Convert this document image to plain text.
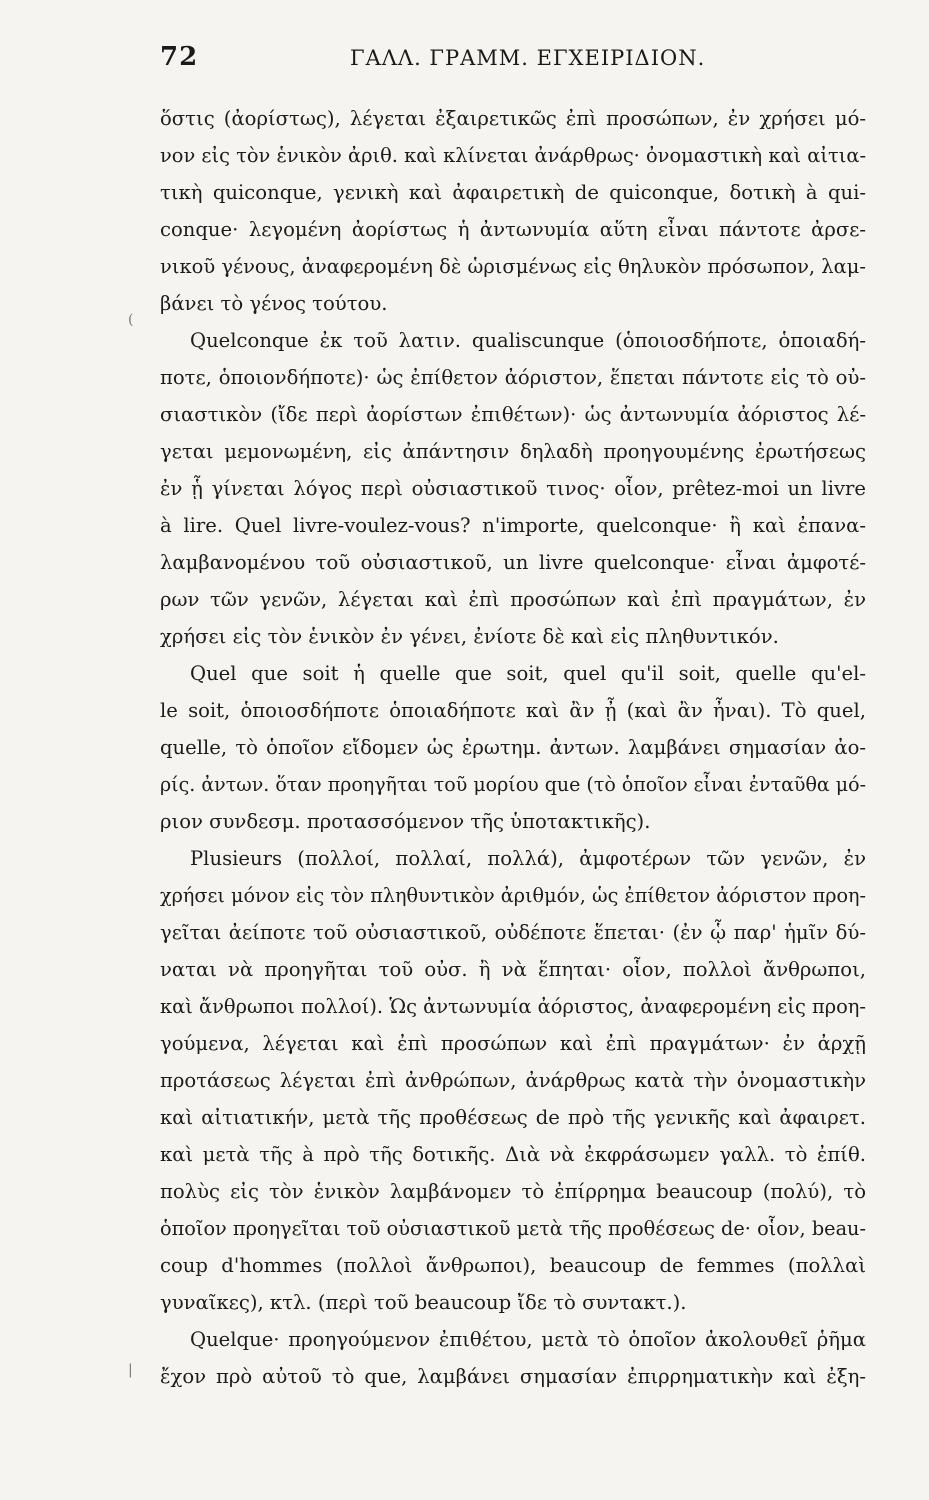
72	ΓΑΛΛ. ΓΡΑΜΜ. ΕΓΧΕΙΡΙΔΙΟΝ.
ὅστις (ἀορίστως), λέγεται ἐξαιρετικῶς ἐπὶ προσώπων, ἐν χρήσει μό-
νον εἰς τὸν ἑνικὸν ἀριθ. καὶ κλίνεται ἀνάρθρως· ὀνομαστικὴ καὶ αἰτια-
τικὴ quiconque, γενικὴ καὶ ἀφαιρετικὴ de quiconque, δοτικὴ à qui-
conque· λεγομένη ἀορίστως ἡ ἀντωνυμία αὕτη εἶναι πάντοτε ἀρσε-
νικοῦ γένους, ἀναφερομένη δὲ ὡρισμένως εἰς θηλυκὸν πρόσωπον, λαμ-
βάνει τὸ γένος τούτου.
Quelconque ἐκ τοῦ λατιν. qualiscunque (ὁποιοσδήποτε, ὁποιαδή-
ποτε, ὁποιονδήποτε)· ὡς ἐπίθετον ἀόριστον, ἕπεται πάντοτε εἰς τὸ οὐ-
σιαστικὸν (ἴδε περὶ ἀορίστων ἐπιθέτων)· ὡς ἀντωνυμία ἀόριστος λέ-
γεται μεμονωμένη, εἰς ἀπάντησιν δηλαδὴ προηγουμένης ἐρωτήσεως
ἐν ᾗ γίνεται λόγος περὶ οὐσιαστικοῦ τινος· οἷον, prêtez-moi un livre
à lire. Quel livre-voulez-vous? n'importe, quelconque· ἢ καὶ ἐπανα-
λαμβανομένου τοῦ οὐσιαστικοῦ, un livre quelconque· εἶναι ἀμφοτέ-
ρων τῶν γενῶν, λέγεται καὶ ἐπὶ προσώπων καὶ ἐπὶ πραγμάτων, ἐν
χρήσει εἰς τὸν ἑνικὸν ἐν γένει, ἐνίοτε δὲ καὶ εἰς πληθυντικόν.
Quel que soit ἡ quelle que soit, quel qu'il soit, quelle qu'el-
le soit, ὁποιοσδήποτε ὁποιαδήποτε καὶ ἂν ᾖ (καὶ ἂν ἦναι). Τὸ quel,
quelle, τὸ ὁποῖον εἴδομεν ὡς ἐρωτημ. ἀντων. λαμβάνει σημασίαν ἀο-
ρίς. ἀντων. ὅταν προηγῆται τοῦ μορίου que (τὸ ὁποῖον εἶναι ἐνταῦθα μό-
ριον συνδεσμ. προτασσόμενον τῆς ὑποτακτικῆς).
Plusieurs (πολλοί, πολλαί, πολλά), ἀμφοτέρων τῶν γενῶν, ἐν
χρήσει μόνον εἰς τὸν πληθυντικὸν ἀριθμόν, ὡς ἐπίθετον ἀόριστον προη-
γεῖται ἀείποτε τοῦ οὐσιαστικοῦ, οὐδέποτε ἕπεται· (ἐν ᾧ παρ' ἡμῖν δύ-
ναται νὰ προηγῆται τοῦ οὐσ. ἢ νὰ ἕπηται· οἷον, πολλοὶ ἄνθρωποι,
καὶ ἄνθρωποι πολλοί). Ὡς ἀντωνυμία ἀόριστος, ἀναφερομένη εἰς προη-
γούμενα, λέγεται καὶ ἐπὶ προσώπων καὶ ἐπὶ πραγμάτων· ἐν ἀρχῇ
προτάσεως λέγεται ἐπὶ ἀνθρώπων, ἀνάρθρως κατὰ τὴν ὀνομαστικὴν
καὶ αἰτιατικήν, μετὰ τῆς προθέσεως de πρὸ τῆς γενικῆς καὶ ἀφαιρετ.
καὶ μετὰ τῆς à πρὸ τῆς δοτικῆς. Διὰ νὰ ἐκφράσωμεν γαλλ. τὸ ἐπίθ.
πολὺς εἰς τὸν ἑνικὸν λαμβάνομεν τὸ ἐπίρρημα beaucoup (πολύ), τὸ
ὁποῖον προηγεῖται τοῦ οὐσιαστικοῦ μετὰ τῆς προθέσεως de· οἷον, beau-
coup d'hommes (πολλοὶ ἄνθρωποι), beaucoup de femmes (πολλαὶ
γυναῖκες), κτλ. (περὶ τοῦ beaucoup ἴδε τὸ συντακτ.).
Quelque· προηγούμενον ἐπιθέτου, μετὰ τὸ ὁποῖον ἀκολουθεῖ ῥῆμα
ἔχον πρὸ αὐτοῦ τὸ que, λαμβάνει σημασίαν ἐπιρρηματικὴν καὶ ἐξη-
(
|
